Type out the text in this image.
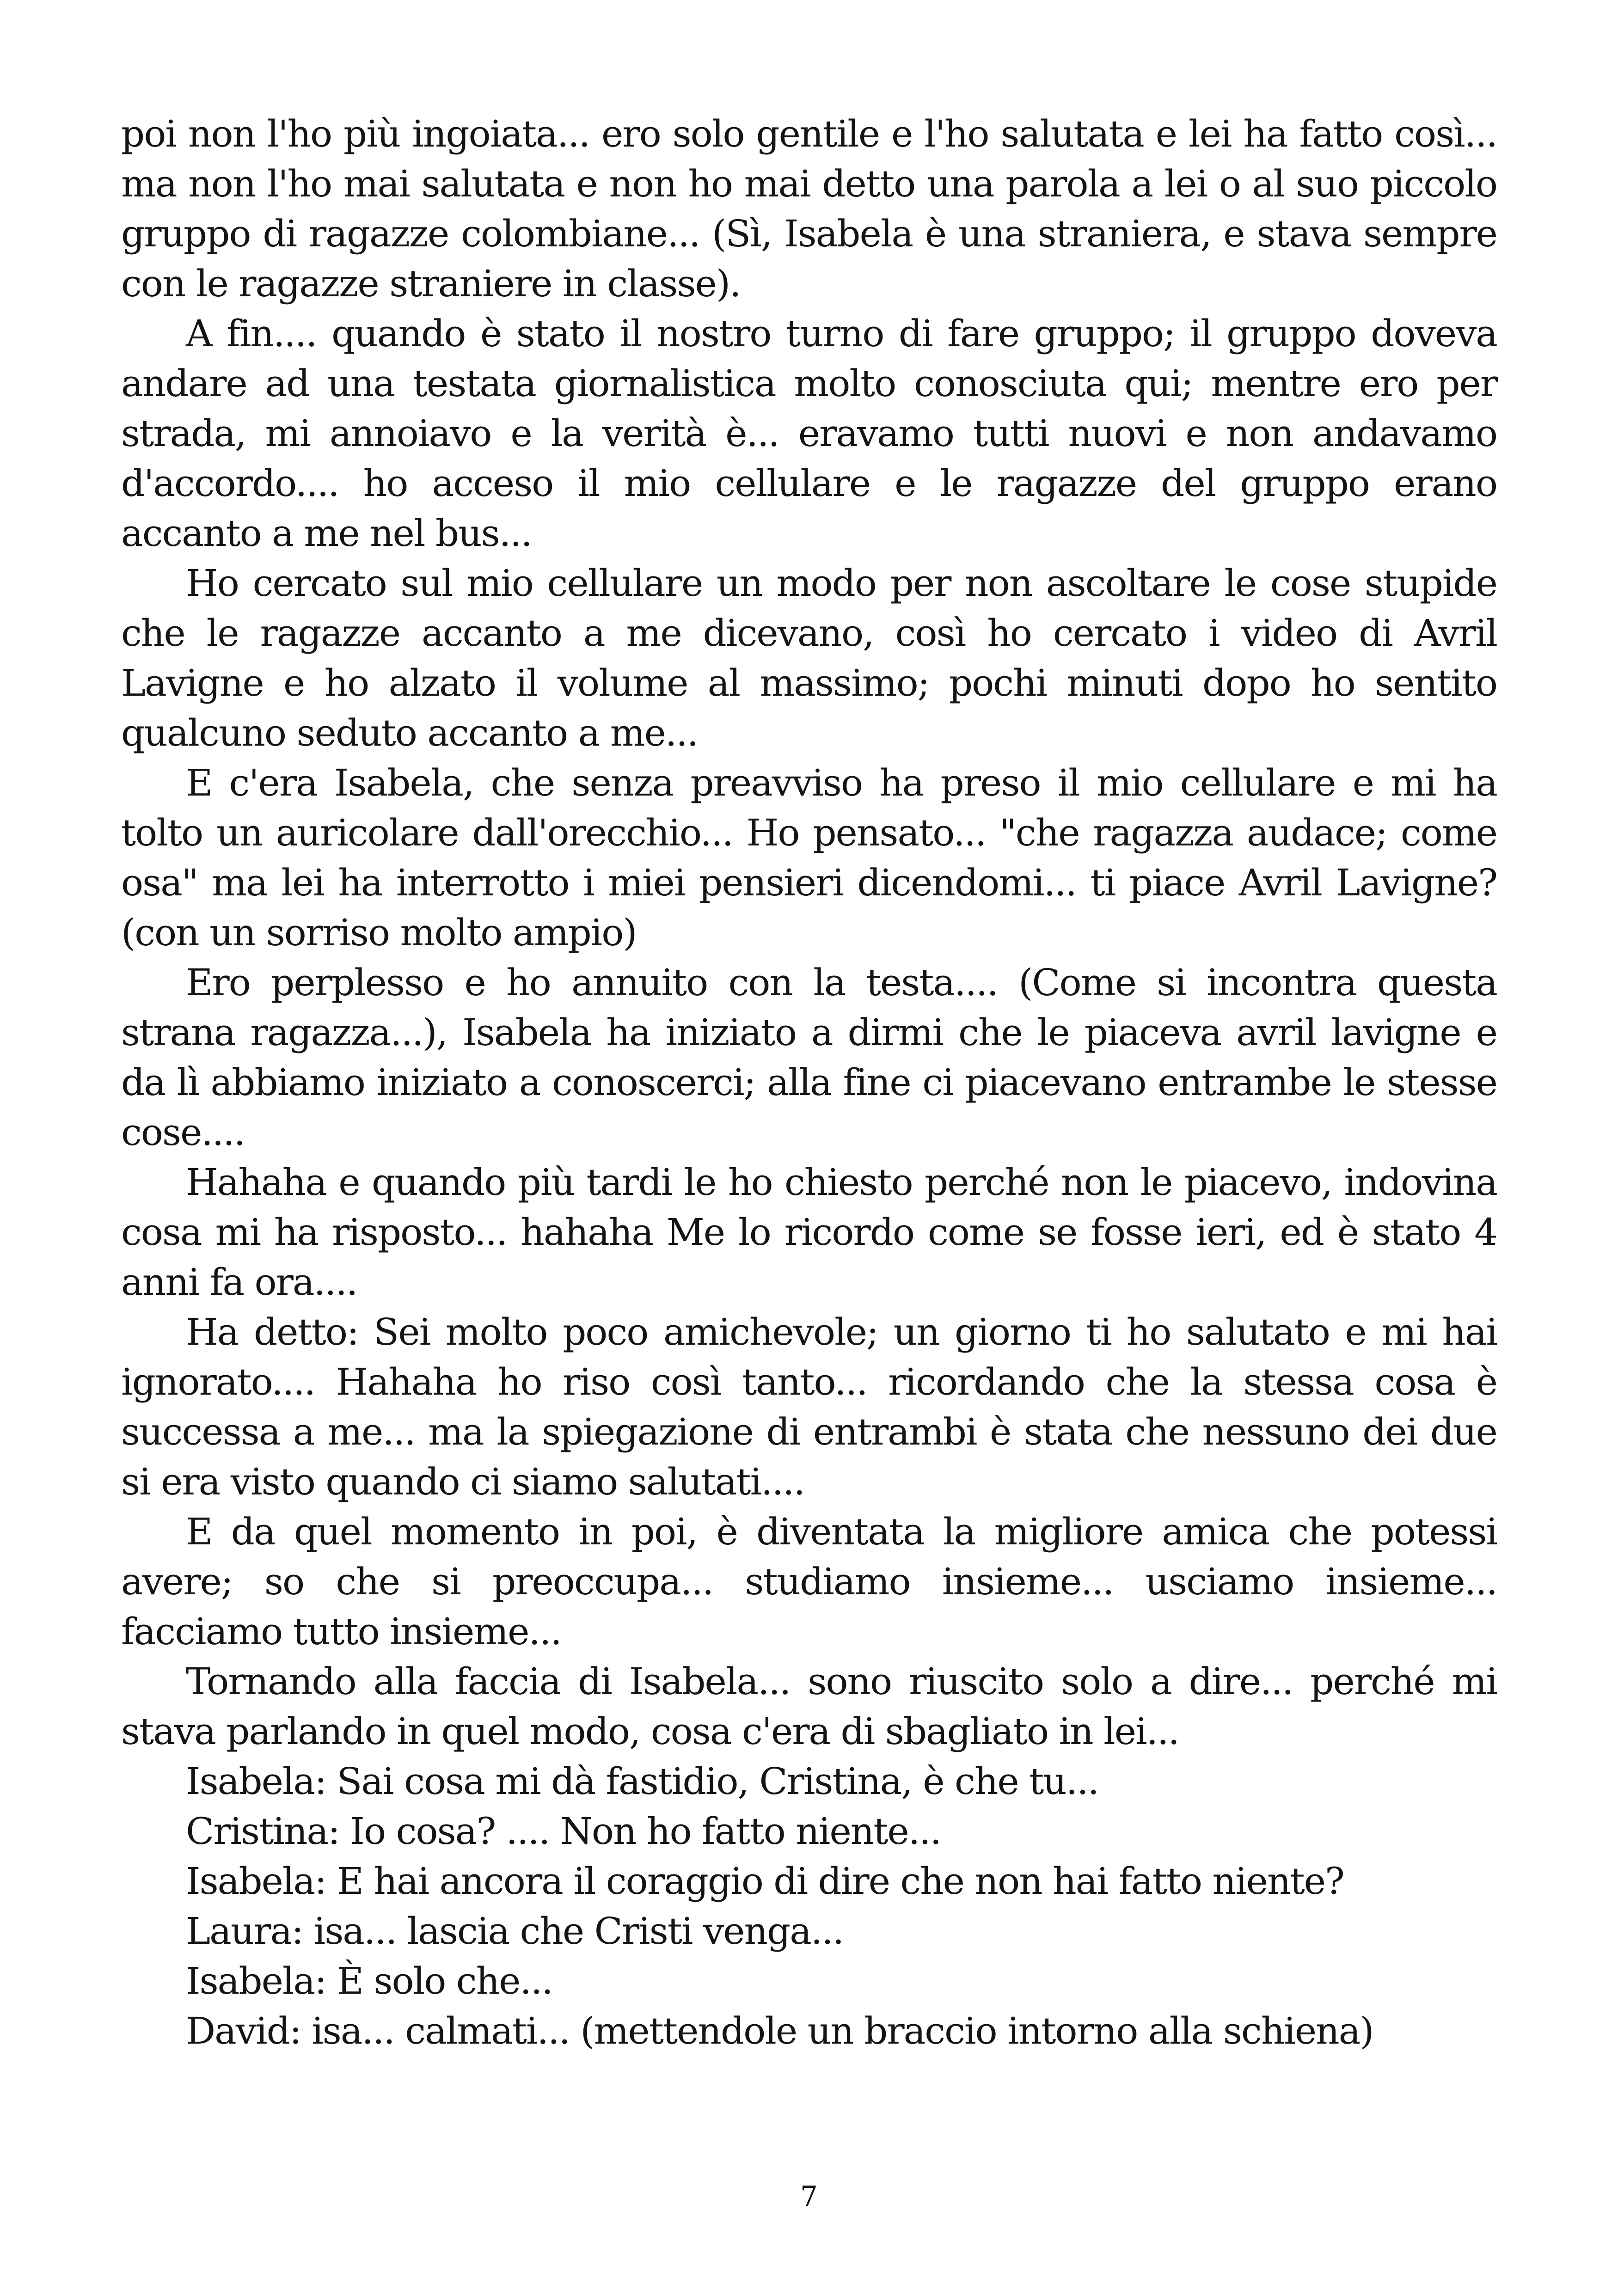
poi non l'ho più ingoiata... ero solo gentile e l'ho salutata e lei ha fatto così... ma non l'ho mai salutata e non ho mai detto una parola a lei o al suo piccolo gruppo di ragazze colombiane... (Sì, Isabela è una straniera, e stava sempre con le ragazze straniere in classe).

A fin.... quando è stato il nostro turno di fare gruppo; il gruppo doveva andare ad una testata giornalistica molto conosciuta qui; mentre ero per strada, mi annoiavo e la verità è... eravamo tutti nuovi e non andavamo d'accordo.... ho acceso il mio cellulare e le ragazze del gruppo erano accanto a me nel bus...

Ho cercato sul mio cellulare un modo per non ascoltare le cose stupide che le ragazze accanto a me dicevano, così ho cercato i video di Avril Lavigne e ho alzato il volume al massimo; pochi minuti dopo ho sentito qualcuno seduto accanto a me...

E c'era Isabela, che senza preavviso ha preso il mio cellulare e mi ha tolto un auricolare dall'orecchio... Ho pensato... "che ragazza audace; come osa" ma lei ha interrotto i miei pensieri dicendomi... ti piace Avril Lavigne? (con un sorriso molto ampio)

Ero perplesso e ho annuito con la testa.... (Come si incontra questa strana ragazza...), Isabela ha iniziato a dirmi che le piaceva avril lavigne e da lì abbiamo iniziato a conoscerci; alla fine ci piacevano entrambe le stesse cose....

Hahaha e quando più tardi le ho chiesto perché non le piacevo, indovina cosa mi ha risposto... hahaha Me lo ricordo come se fosse ieri, ed è stato 4 anni fa ora....

Ha detto: Sei molto poco amichevole; un giorno ti ho salutato e mi hai ignorato.... Hahaha ho riso così tanto... ricordando che la stessa cosa è successa a me... ma la spiegazione di entrambi è stata che nessuno dei due si era visto quando ci siamo salutati....

E da quel momento in poi, è diventata la migliore amica che potessi avere; so che si preoccupa... studiamo insieme... usciamo insieme... facciamo tutto insieme...

Tornando alla faccia di Isabela... sono riuscito solo a dire... perché mi stava parlando in quel modo, cosa c'era di sbagliato in lei...

Isabela: Sai cosa mi dà fastidio, Cristina, è che tu...

Cristina: Io cosa? .... Non ho fatto niente...

Isabela: E hai ancora il coraggio di dire che non hai fatto niente?

Laura: isa... lascia che Cristi venga...

Isabela: È solo che...

David: isa... calmati... (mettendole un braccio intorno alla schiena)

7
